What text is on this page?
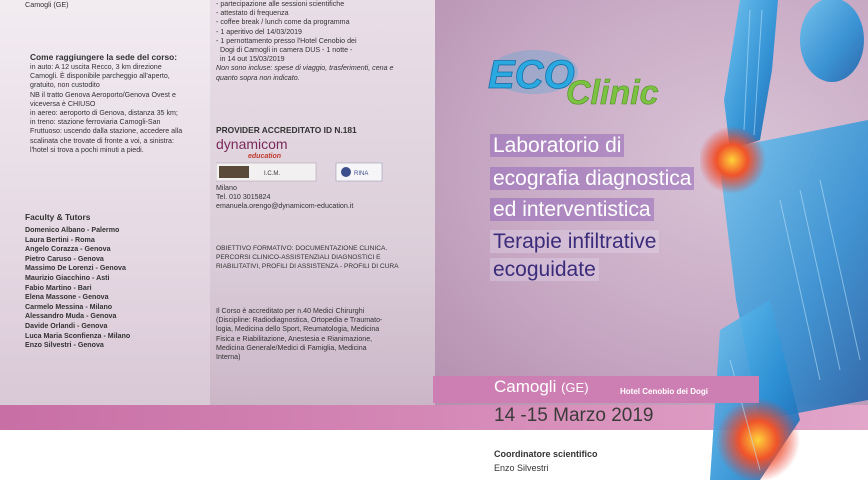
Camogli (GE)
Come raggiungere la sede del corso:
in auto: A 12 uscita Recco, 3 km direzione
Camogli. È disponibile parcheggio all'aperto,
gratuito, non custodito
NB il tratto Genova Aeroporto/Genova Ovest e
viceversa è CHIUSO
in aereo: aeroporto di Genova, distanza 35 km;
in treno: stazione ferroviaria Camogli-San
Fruttuoso: uscendo dalla stazione, accedere alla
scalinata che trovate di fronte a voi, a sinistra:
l'hotel si trova a pochi minuti a piedi.
Faculty & Tutors
Domenico Albano - Palermo
Laura Bertini - Roma
Angelo Corazza - Genova
Pietro Caruso - Genova
Massimo De Lorenzi - Genova
Maurizio Giacchino - Asti
Fabio Martino - Bari
Elena Massone - Genova
Carmelo Messina - Milano
Alessandro Muda - Genova
Davide Orlandi - Genova
Luca Maria Sconfienza - Milano
Enzo Silvestri - Genova
- partecipazione alle sessioni scientifiche
- attestato di frequenza
- coffee break / lunch come da programma
- 1 aperitivo del 14/03/2019
- 1 pernottamento presso l'Hotel Cenobio dei
Dogi di Camogli in camera DUS - 1 notte -
in 14 out 15/03/2019
Non sono incluse: spese di viaggio, trasferimenti, cena e
quanto sopra non indicato.
PROVIDER ACCREDITATO ID N.181
dynamicom
education
I.C.M.	RINA
Milano
Tel. 010 3015824
emanuela.orengo@dynamicom-education.it
OBIETTIVO FORMATIVO: DOCUMENTAZIONE CLINICA.
PERCORSI CLINICO-ASSISTENZIALI DIAGNOSTICI E
RIABILITATIVI, PROFILI DI ASSISTENZA - PROFILI DI CURA
Il Corso è accreditato per n.40 Medici Chirurghi
(Discipline: Radiodiagnostica, Ortopedia e Traumato-
logia, Medicina dello Sport, Reumatologia, Medicina
Fisica e Riabilitazione, Anestesia e Rianimazione,
Medicina Generale/Medici di Famiglia, Medicina
Interna)
ECO
Clinic
Laboratorio di
ecografia diagnostica
ed interventistica
Terapie infiltrative
ecoguidate
Camogli (GE)	Hotel Cenobio dei Dogi
14 -15 Marzo 2019
Coordinatore scientifico
Enzo Silvestri
